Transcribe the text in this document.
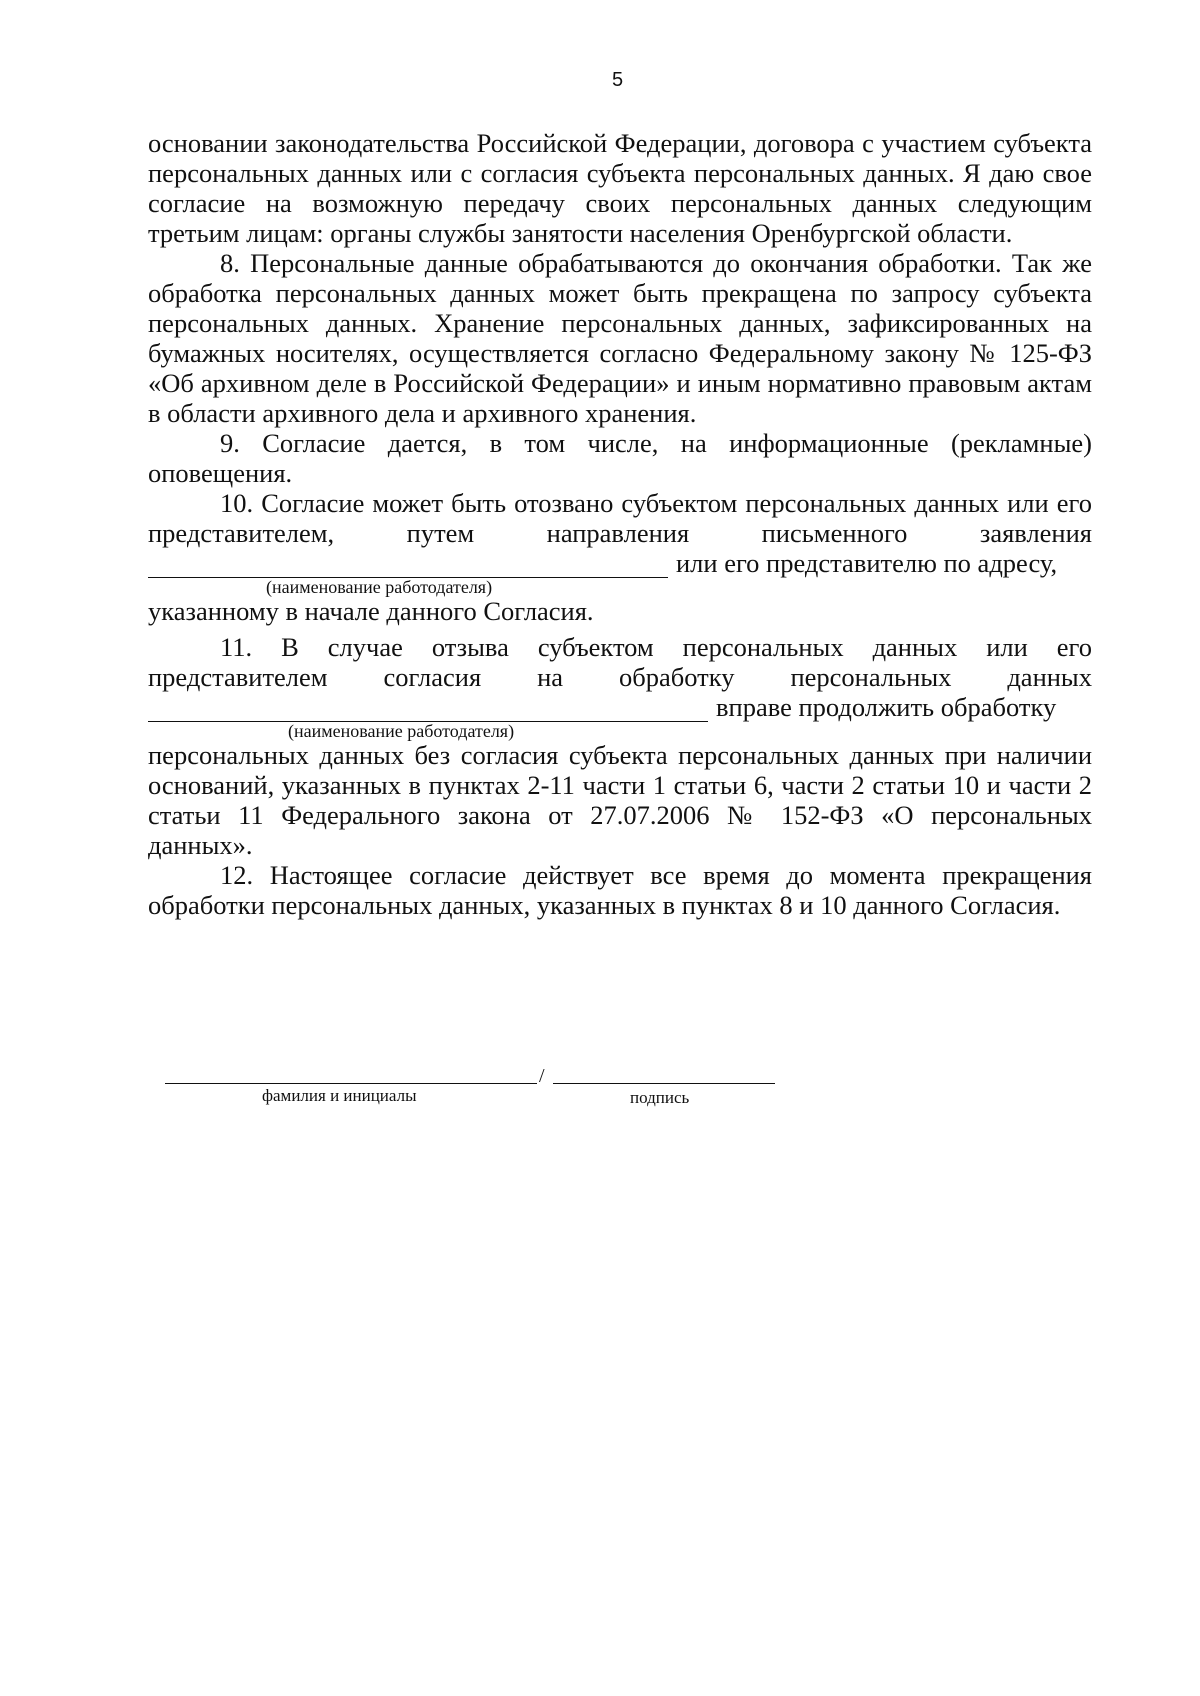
5

основании законодательства Российской Федерации, договора с участием субъекта персональных данных или с согласия субъекта персональных данных. Я даю свое согласие на возможную передачу своих персональных данных следующим третьим лицам: органы службы занятости населения Оренбургской области.

8. Персональные данные обрабатываются до окончания обработки. Так же обработка персональных данных может быть прекращена по запросу субъекта персональных данных. Хранение персональных данных, зафиксированных на бумажных носителях, осуществляется согласно Федеральному закону № 125-ФЗ «Об архивном деле в Российской Федерации» и иным нормативно правовым актам в области архивного дела и архивного хранения.

9. Согласие дается, в том числе, на информационные (рекламные) оповещения.

10. Согласие может быть отозвано субъектом персональных данных или его представителем, путем направления письменного заявления

или его представителю по адресу,

(наименование работодателя)

указанному в начале данного Согласия.

11. В случае отзыва субъектом персональных данных или его представителем согласия на обработку персональных данных

вправе продолжить обработку

(наименование работодателя)

персональных данных без согласия субъекта персональных данных при наличии оснований, указанных в пунктах 2-11 части 1 статьи 6, части 2 статьи 10 и части 2 статьи 11 Федерального закона от 27.07.2006 № 152-ФЗ «О персональных данных».

12. Настоящее согласие действует все время до момента прекращения обработки персональных данных, указанных в пунктах 8 и 10 данного Согласия.

/
фамилия и инициалы	подпись
